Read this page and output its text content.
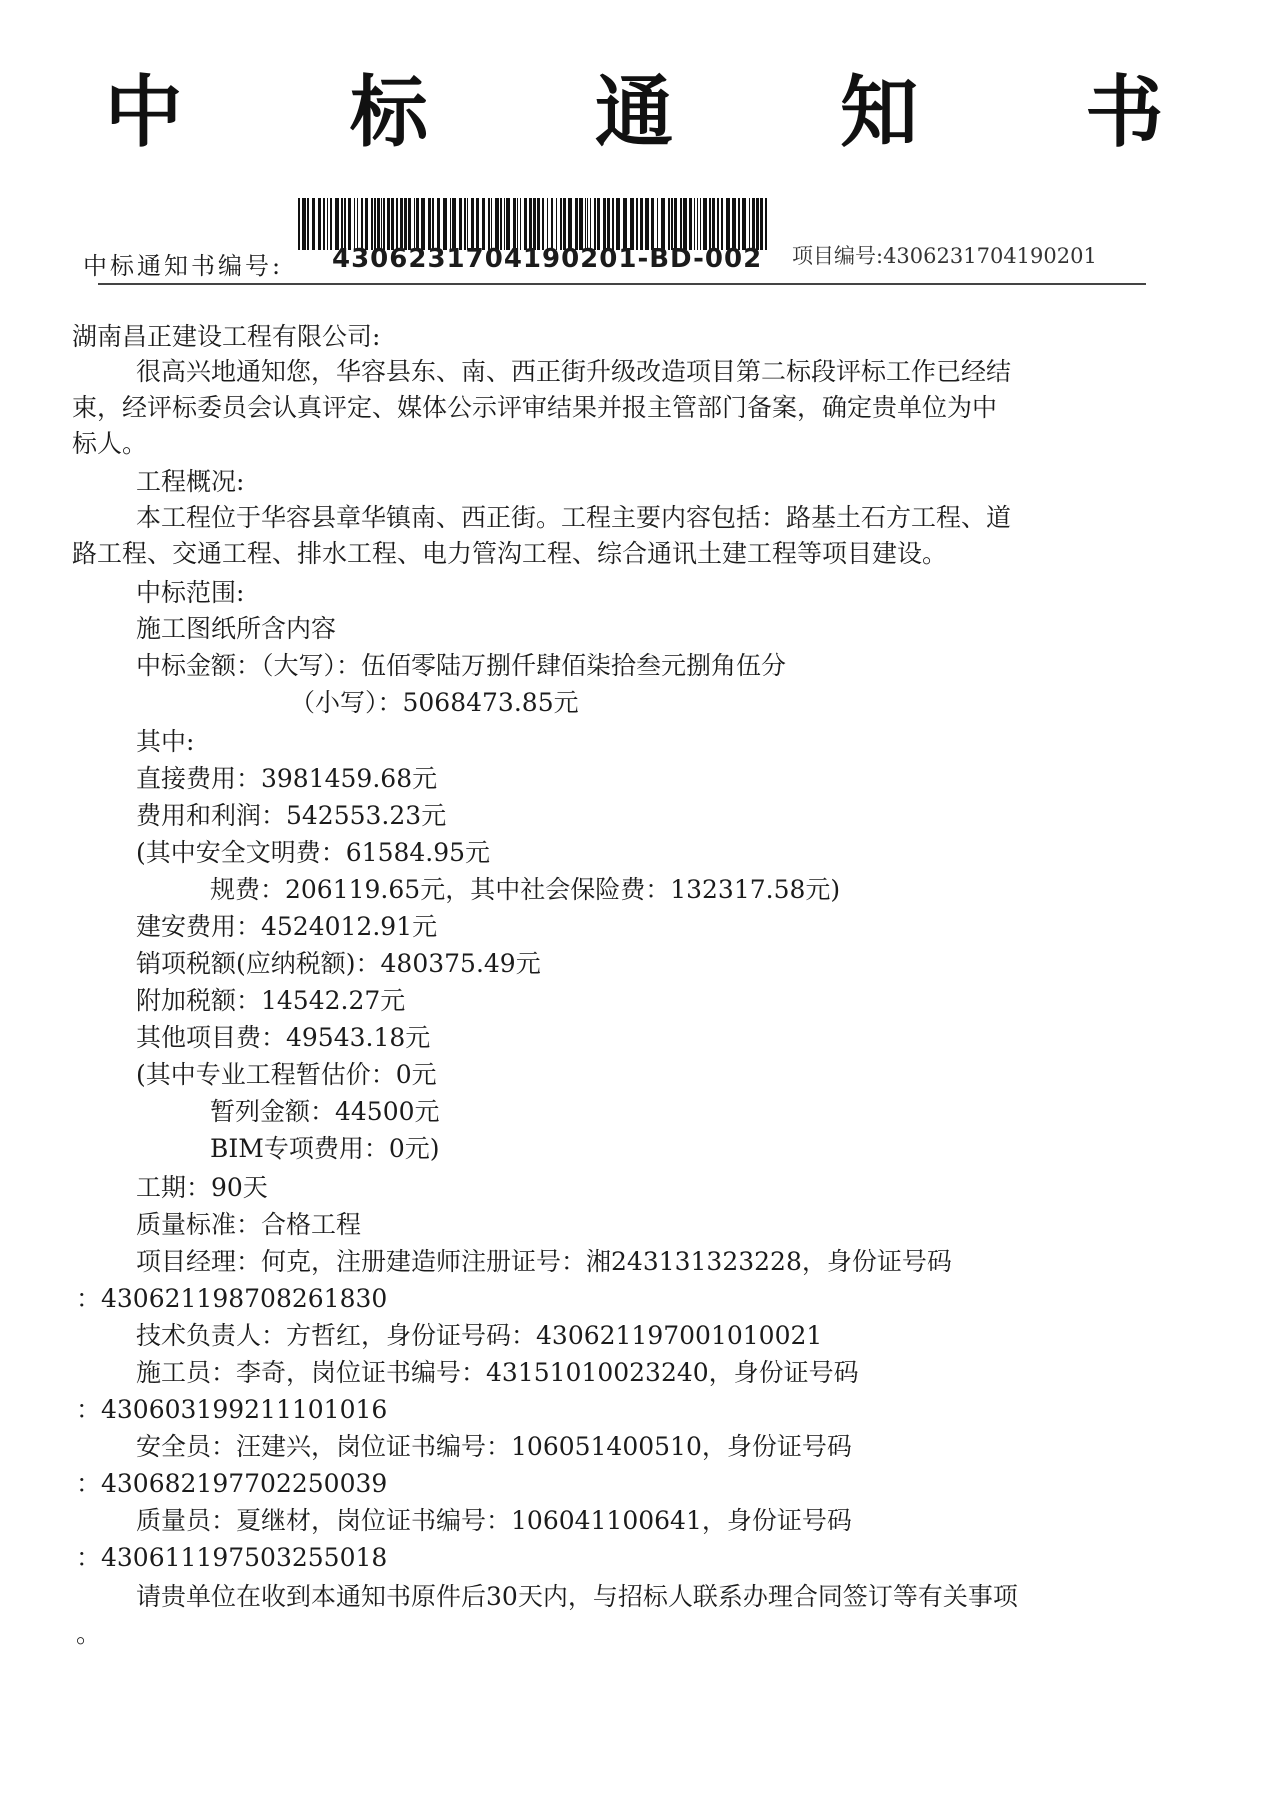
中 标 通 知 书
中标通知书编号: 4306231704190201-BD-002 项目编号:4306231704190201
湖南昌正建设工程有限公司:
很高兴地通知您，华容县东、南、西正街升级改造项目第二标段评标工作已经结
束，经评标委员会认真评定、媒体公示评审结果并报主管部门备案，确定贵单位为中
标人。
工程概况:
本工程位于华容县章华镇南、西正街。工程主要内容包括：路基土石方工程、道
路工程、交通工程、排水工程、电力管沟工程、综合通讯土建工程等项目建设。
中标范围:
施工图纸所含内容
中标金额：（大写）：伍佰零陆万捌仟肆佰柒拾叁元捌角伍分
（小写）：5068473.85元
其中:
直接费用：3981459.68元
费用和利润：542553.23元
(其中安全文明费：61584.95元
规费：206119.65元，其中社会保险费：132317.58元)
建安费用：4524012.91元
销项税额(应纳税额)：480375.49元
附加税额：14542.27元
其他项目费：49543.18元
(其中专业工程暂估价：0元
暂列金额：44500元
BIM专项费用：0元)
工期：90天
质量标准：合格工程
项目经理：何克，注册建造师注册证号：湘243131323228，身份证号码
：430621198708261830
技术负责人：方哲红，身份证号码：430621197001010021
施工员：李奇，岗位证书编号：43151010023240，身份证号码
：430603199211101016
安全员：汪建兴，岗位证书编号：106051400510，身份证号码
：430682197702250039
质量员：夏继材，岗位证书编号：106041100641，身份证号码
：430611197503255018
请贵单位在收到本通知书原件后30天内，与招标人联系办理合同签订等有关事项
。
